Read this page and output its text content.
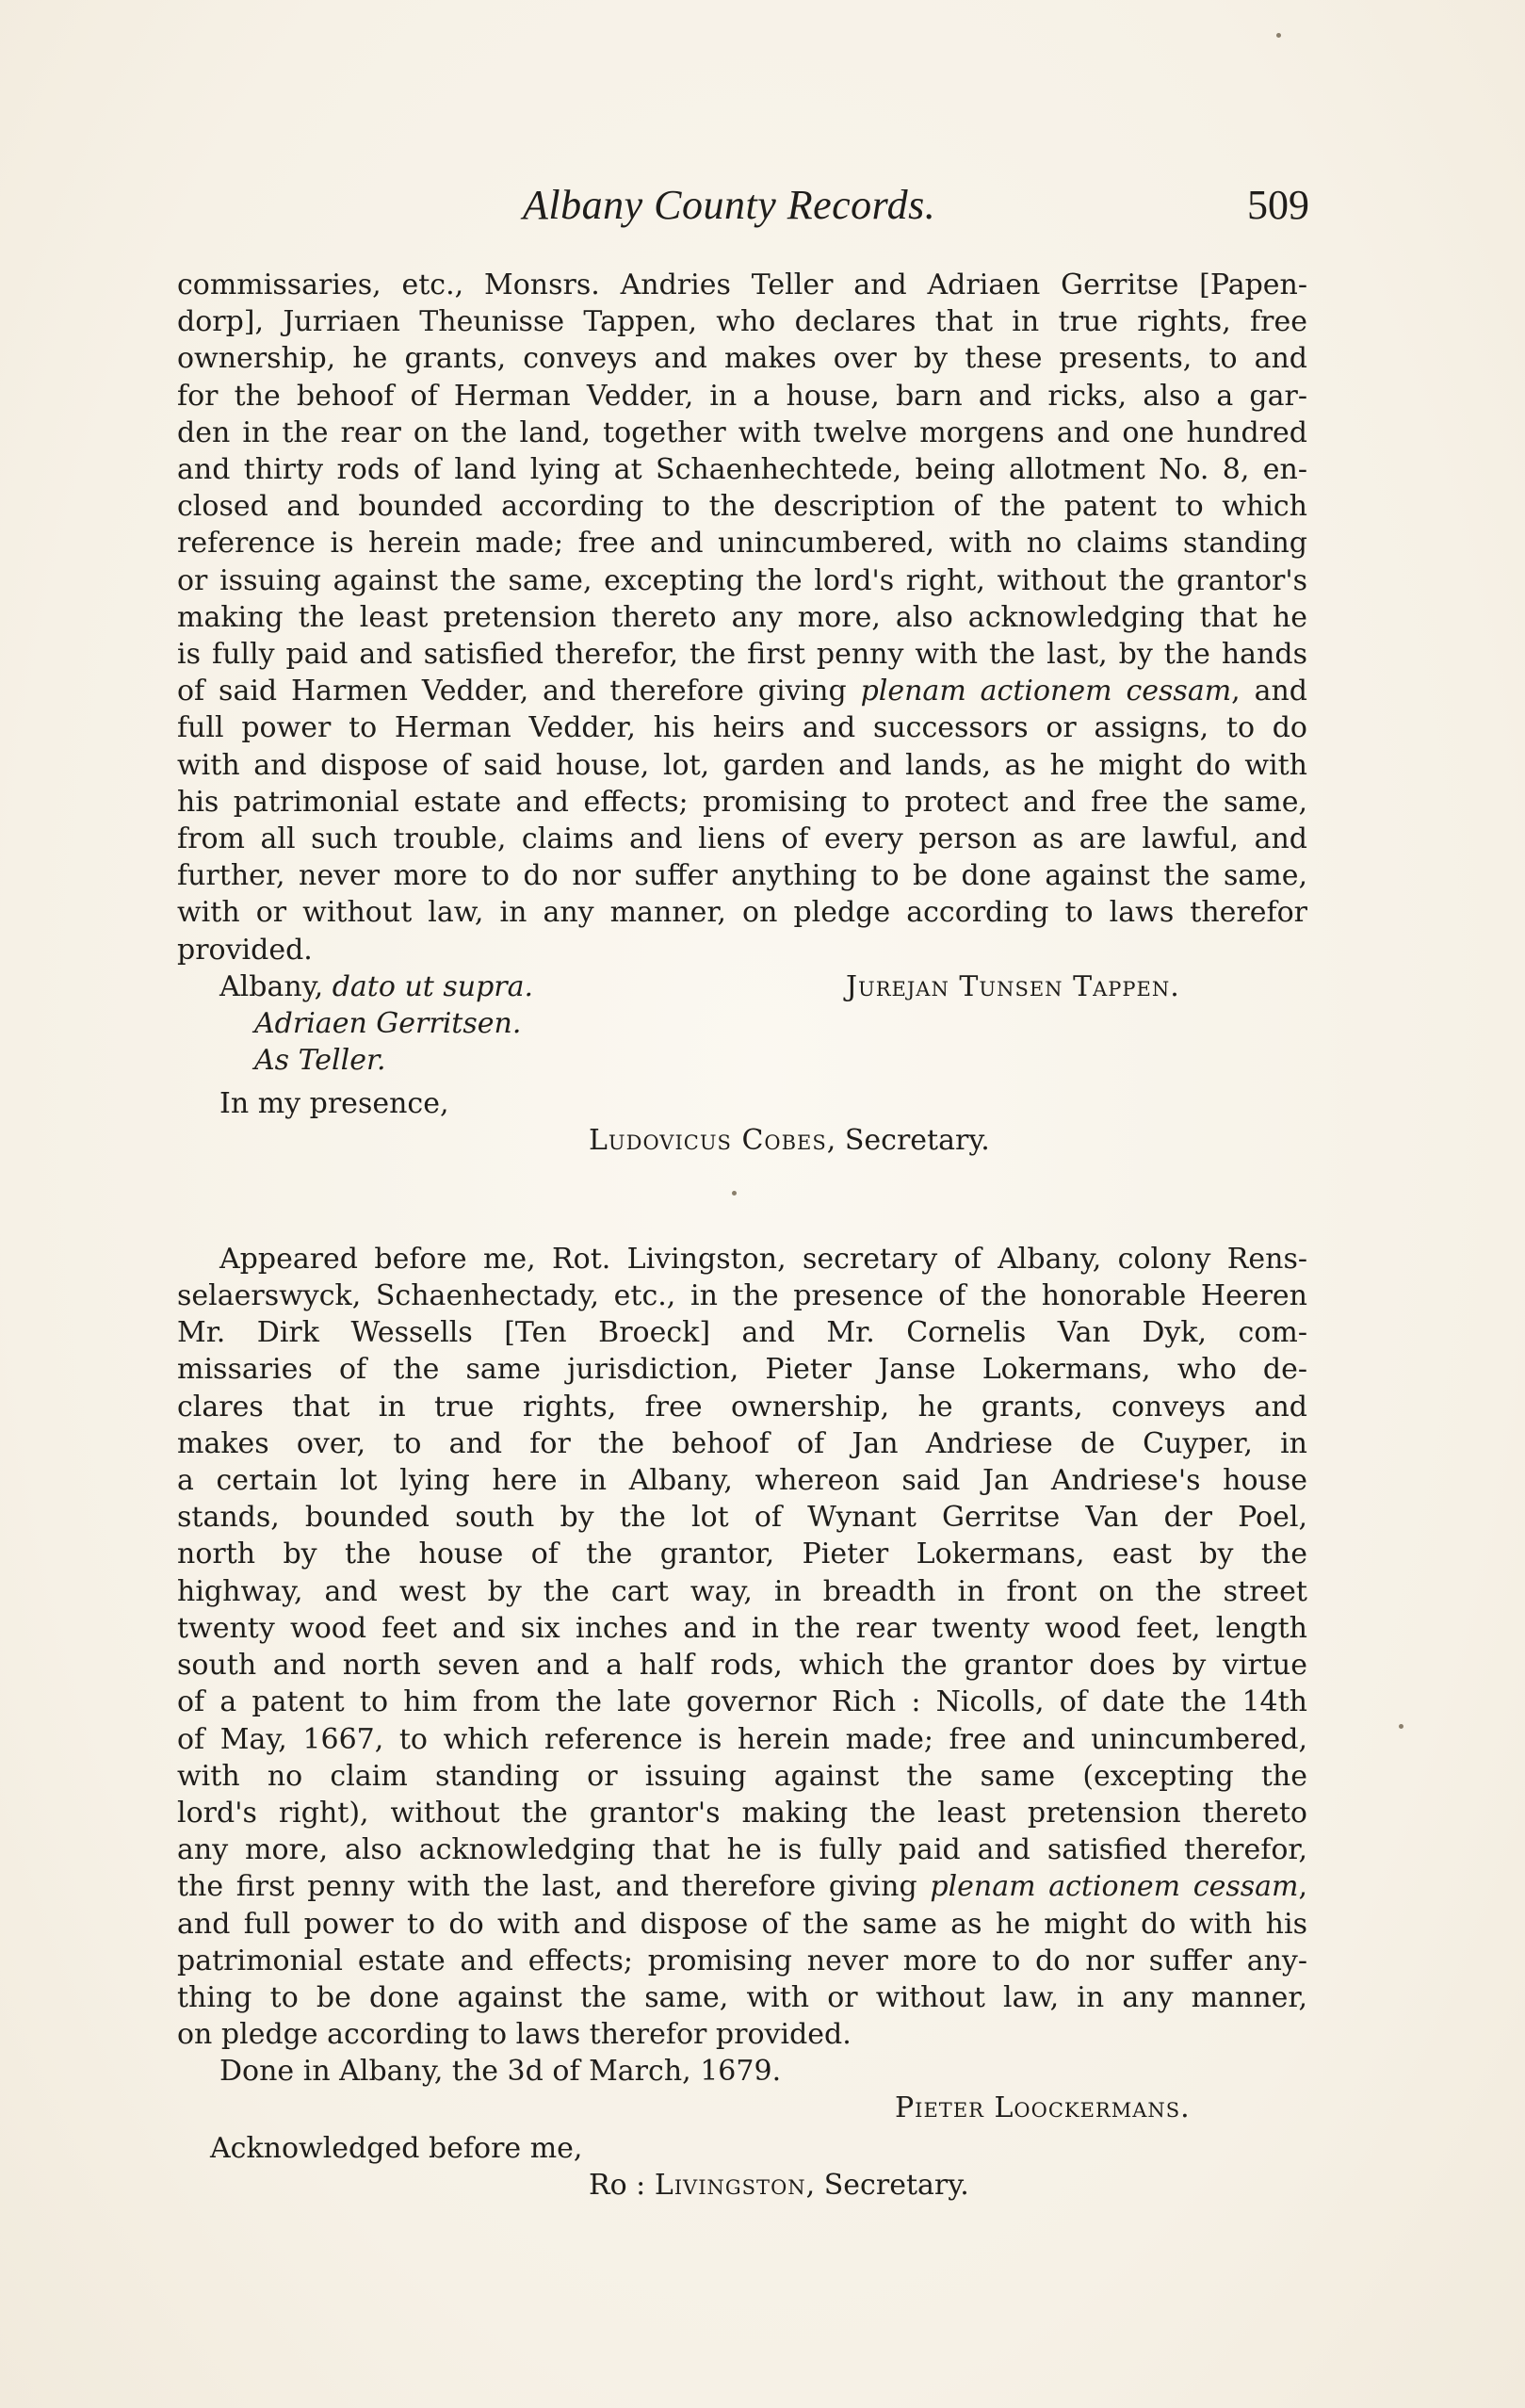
Albany County Records.	509
commissaries, etc., Monsrs. Andries Teller and Adriaen Gerritse [Papen-
dorp], Jurriaen Theunisse Tappen, who declares that in true rights, free
ownership, he grants, conveys and makes over by these presents, to and
for the behoof of Herman Vedder, in a house, barn and ricks, also a gar-
den in the rear on the land, together with twelve morgens and one hundred
and thirty rods of land lying at Schaenhechtede, being allotment No. 8, en-
closed and bounded according to the description of the patent to which
reference is herein made; free and unincumbered, with no claims standing
or issuing against the same, excepting the lord's right, without the grantor's
making the least pretension thereto any more, also acknowledging that he
is fully paid and satisfied therefor, the first penny with the last, by the hands
of said Harmen Vedder, and therefore giving plenam actionem cessam, and
full power to Herman Vedder, his heirs and successors or assigns, to do
with and dispose of said house, lot, garden and lands, as he might do with
his patrimonial estate and effects; promising to protect and free the same,
from all such trouble, claims and liens of every person as are lawful, and
further, never more to do nor suffer anything to be done against the same,
with or without law, in any manner, on pledge according to laws therefor
provided.
Albany, dato ut supra.	Jurejan Tunsen Tappen.
Adriaen Gerritsen.
As Teller.
In my presence,
Ludovicus Cobes, Secretary.
Appeared before me, Rot. Livingston, secretary of Albany, colony Rens-
selaerswyck, Schaenhectady, etc., in the presence of the honorable Heeren
Mr. Dirk Wessells [Ten Broeck] and Mr. Cornelis Van Dyk, com-
missaries of the same jurisdiction, Pieter Janse Lokermans, who de-
clares that in true rights, free ownership, he grants, conveys and
makes over, to and for the behoof of Jan Andriese de Cuyper, in
a certain lot lying here in Albany, whereon said Jan Andriese's house
stands, bounded south by the lot of Wynant Gerritse Van der Poel,
north by the house of the grantor, Pieter Lokermans, east by the
highway, and west by the cart way, in breadth in front on the street
twenty wood feet and six inches and in the rear twenty wood feet, length
south and north seven and a half rods, which the grantor does by virtue
of a patent to him from the late governor Rich : Nicolls, of date the 14th
of May, 1667, to which reference is herein made; free and unincumbered,
with no claim standing or issuing against the same (excepting the
lord's right), without the grantor's making the least pretension thereto
any more, also acknowledging that he is fully paid and satisfied therefor,
the first penny with the last, and therefore giving plenam actionem cessam,
and full power to do with and dispose of the same as he might do with his
patrimonial estate and effects; promising never more to do nor suffer any-
thing to be done against the same, with or without law, in any manner,
on pledge according to laws therefor provided.
Done in Albany, the 3d of March, 1679.
Pieter Loockermans.
Acknowledged before me,
Ro : Livingston, Secretary.
